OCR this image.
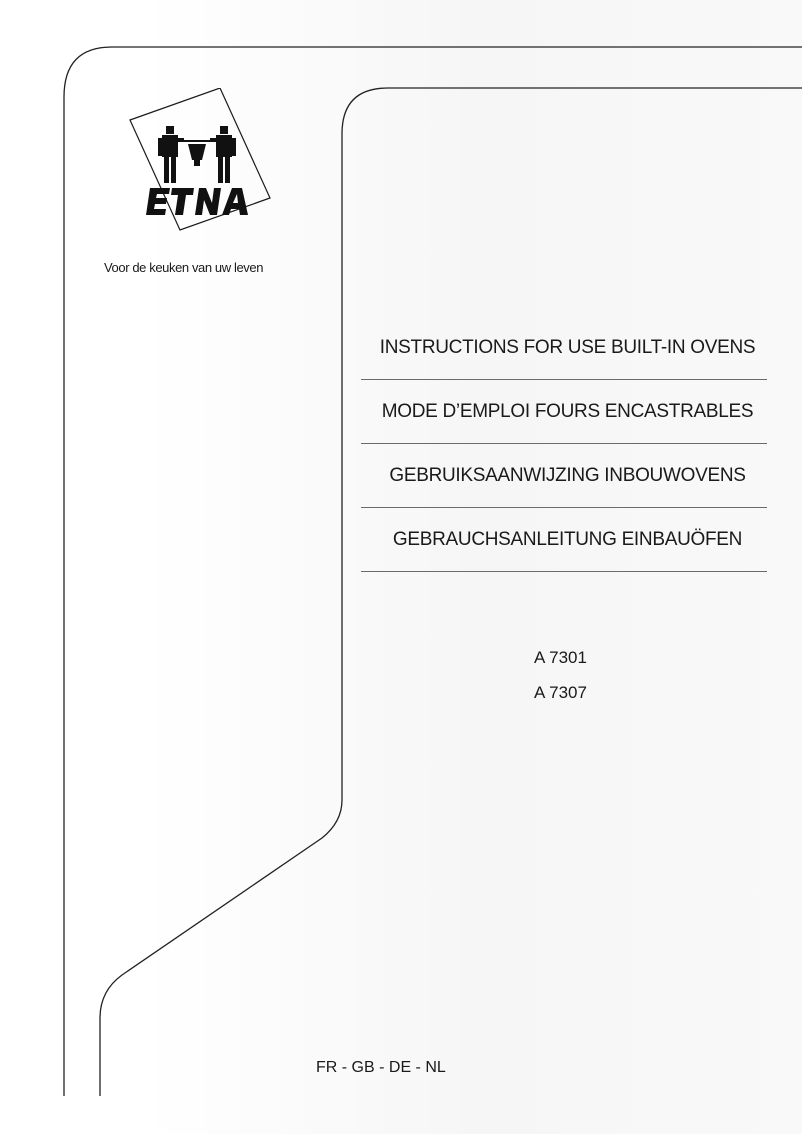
Voor de keuken van uw leven
INSTRUCTIONS FOR USE BUILT-IN OVENS
MODE D’EMPLOI FOURS ENCASTRABLES
GEBRUIKSAANWIJZING INBOUWOVENS
GEBRAUCHSANLEITUNG EINBAUÖFEN
A 7301
A 7307
FR - GB - DE - NL
